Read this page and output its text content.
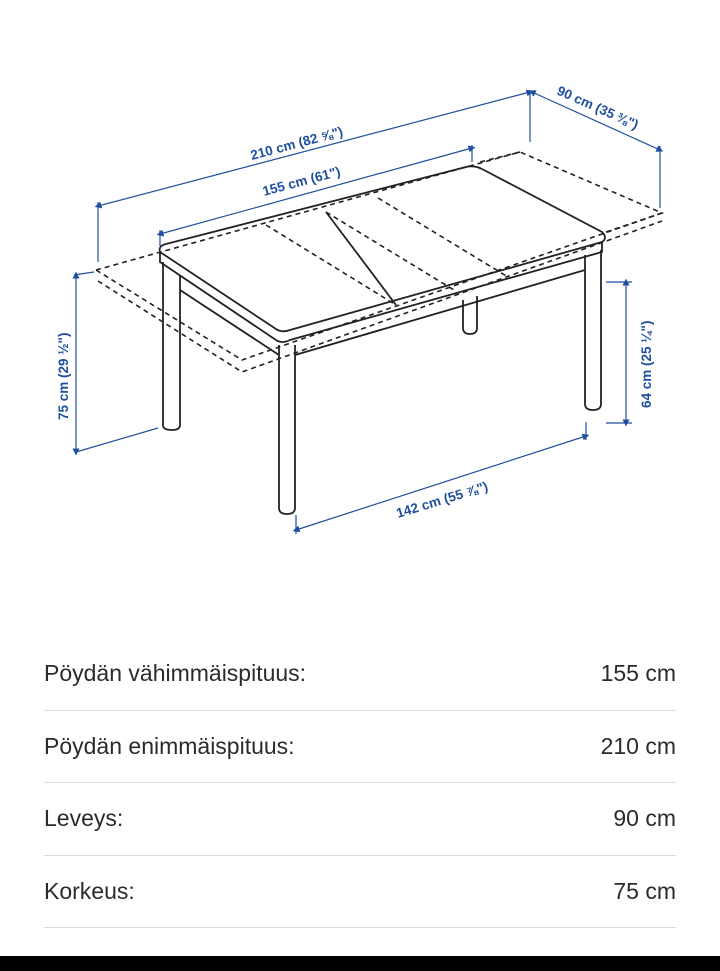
210 cm (82 ⅝")
155 cm (61")
90 cm (35 ⅜")
75 cm (29 ½")	64 cm (25 ¼")
142 cm (55 ⅞")
Pöydän vähimmäispituus:	155 cm
Pöydän enimmäispituus:	210 cm
Leveys:	90 cm
Korkeus:	75 cm
